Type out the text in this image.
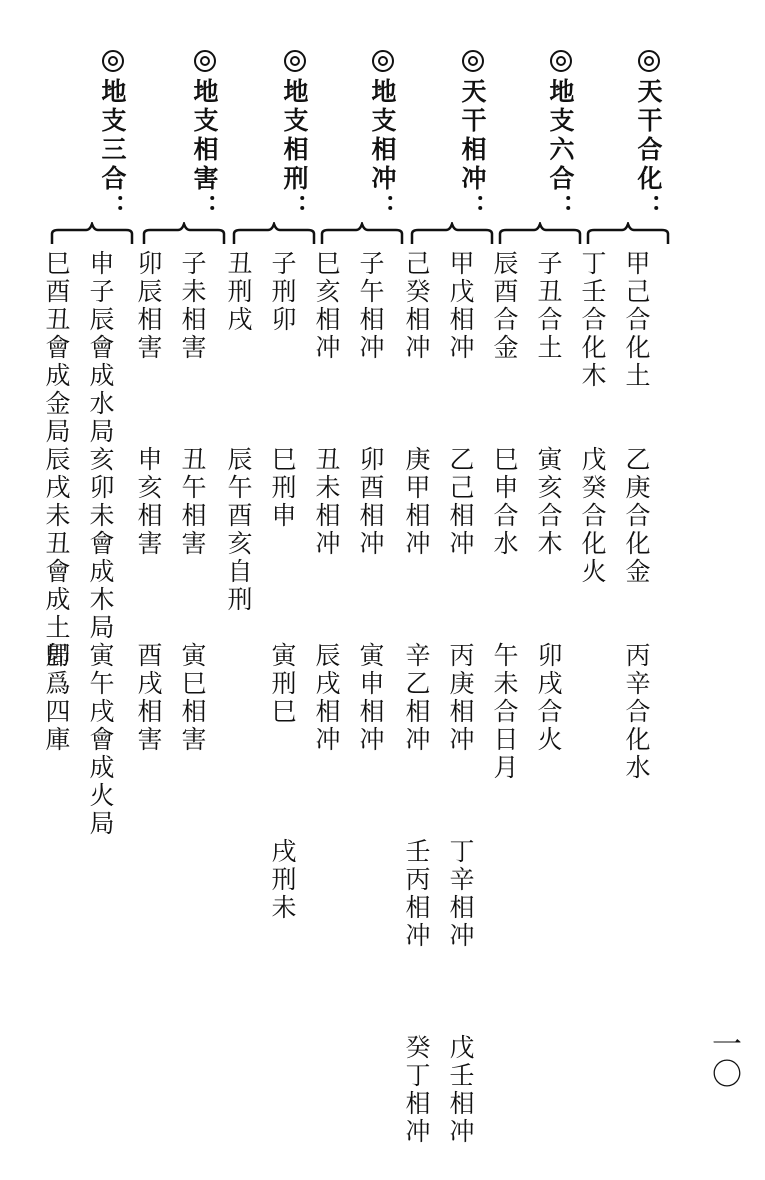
天干合化：
甲己合化土
乙庚合化金
丙辛合化水
丁壬合化木
戊癸合化火
地支六合：
子丑合土
寅亥合木
卯戌合火
辰酉合金
巳申合水
午未合日月
天干相冲：
甲戊相冲
乙己相冲
丙庚相冲
丁辛相冲
戊壬相冲
己癸相冲
庚甲相冲
辛乙相冲
壬丙相冲
癸丁相冲
地支相冲：
子午相冲
卯酉相冲
寅申相冲
巳亥相冲
丑未相冲
辰戌相冲
地支相刑：
子刑卯
巳刑申
寅刑巳
戌刑未
丑刑戌
辰午酉亥自刑
地支相害：
子未相害
丑午相害
寅巳相害
卯辰相害
申亥相害
酉戌相害
地支三合：
申子辰會成水局
亥卯未會成木局
寅午戌會成火局
巳酉丑會成金局
辰戌未丑會成土局
卽爲四庫
一〇
